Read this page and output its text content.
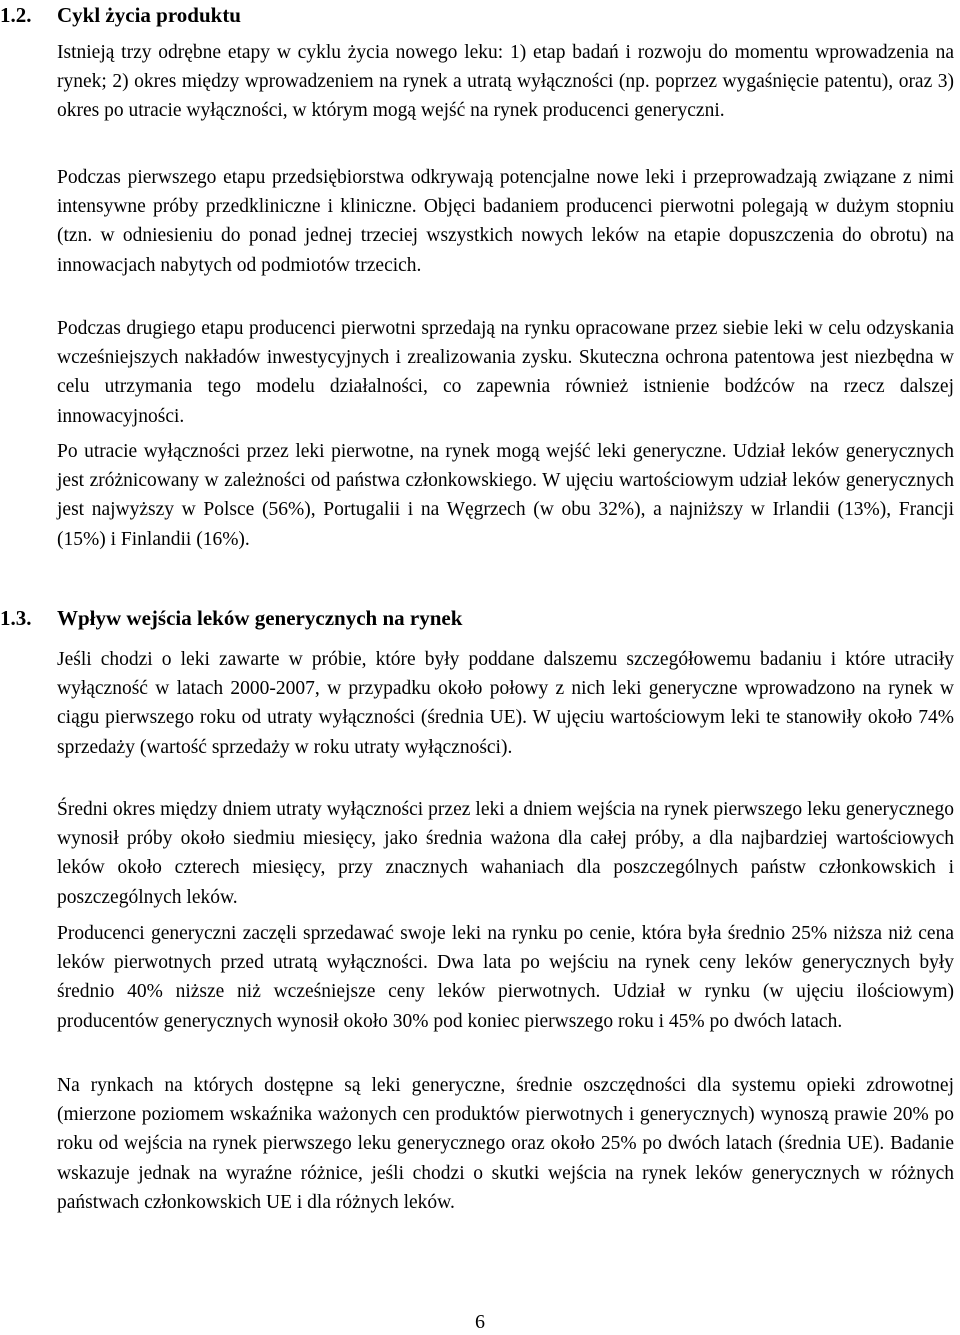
1.2. Cykl życia produktu

Istnieją trzy odrębne etapy w cyklu życia nowego leku: 1) etap badań i rozwoju do momentu wprowadzenia na rynek; 2) okres między wprowadzeniem na rynek a utratą wyłączności (np. poprzez wygaśnięcie patentu), oraz 3) okres po utracie wyłączności, w którym mogą wejść na rynek producenci generyczni.

Podczas pierwszego etapu przedsiębiorstwa odkrywają potencjalne nowe leki i przeprowadzają związane z nimi intensywne próby przedkliniczne i kliniczne. Objęci badaniem producenci pierwotni polegają w dużym stopniu (tzn. w odniesieniu do ponad jednej trzeciej wszystkich nowych leków na etapie dopuszczenia do obrotu) na innowacjach nabytych od podmiotów trzecich.

Podczas drugiego etapu producenci pierwotni sprzedają na rynku opracowane przez siebie leki w celu odzyskania wcześniejszych nakładów inwestycyjnych i zrealizowania zysku. Skuteczna ochrona patentowa jest niezbędna w celu utrzymania tego modelu działalności, co zapewnia również istnienie bodźców na rzecz dalszej innowacyjności.

Po utracie wyłączności przez leki pierwotne, na rynek mogą wejść leki generyczne. Udział leków generycznych jest zróżnicowany w zależności od państwa członkowskiego. W ujęciu wartościowym udział leków generycznych jest najwyższy w Polsce (56%), Portugalii i na Węgrzech (w obu 32%), a najniższy w Irlandii (13%), Francji (15%) i Finlandii (16%).

1.3. Wpływ wejścia leków generycznych na rynek

Jeśli chodzi o leki zawarte w próbie, które były poddane dalszemu szczegółowemu badaniu i które utraciły wyłączność w latach 2000-2007, w przypadku około połowy z nich leki generyczne wprowadzono na rynek w ciągu pierwszego roku od utraty wyłączności (średnia UE). W ujęciu wartościowym leki te stanowiły około 74% sprzedaży (wartość sprzedaży w roku utraty wyłączności).

Średni okres między dniem utraty wyłączności przez leki a dniem wejścia na rynek pierwszego leku generycznego wynosił próby około siedmiu miesięcy, jako średnia ważona dla całej próby, a dla najbardziej wartościowych leków około czterech miesięcy, przy znacznych wahaniach dla poszczególnych państw członkowskich i poszczególnych leków.

Producenci generyczni zaczęli sprzedawać swoje leki na rynku po cenie, która była średnio 25% niższa niż cena leków pierwotnych przed utratą wyłączności. Dwa lata po wejściu na rynek ceny leków generycznych były średnio 40% niższe niż wcześniejsze ceny leków pierwotnych. Udział w rynku (w ujęciu ilościowym) producentów generycznych wynosił około 30% pod koniec pierwszego roku i 45% po dwóch latach.

Na rynkach na których dostępne są leki generyczne, średnie oszczędności dla systemu opieki zdrowotnej (mierzone poziomem wskaźnika ważonych cen produktów pierwotnych i generycznych) wynoszą prawie 20% po roku od wejścia na rynek pierwszego leku generycznego oraz około 25% po dwóch latach (średnia UE). Badanie wskazuje jednak na wyraźne różnice, jeśli chodzi o skutki wejścia na rynek leków generycznych w różnych państwach członkowskich UE i dla różnych leków.

6
